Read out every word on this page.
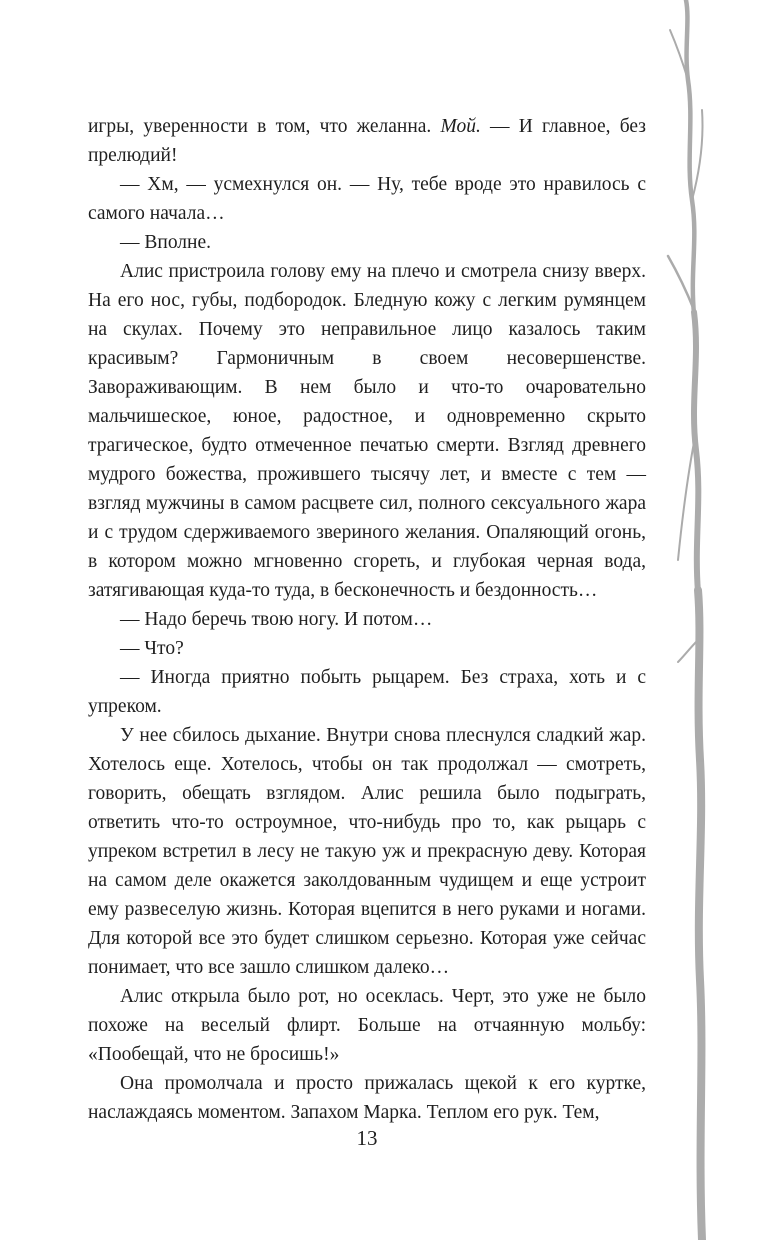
игры, уверенности в том, что желанна. Мой. — И главное, без прелюдий!

— Хм, — усмехнулся он. — Ну, тебе вроде это нравилось с самого начала…

— Вполне.

Алис пристроила голову ему на плечо и смотрела снизу вверх. На его нос, губы, подбородок. Бледную кожу с легким румянцем на скулах. Почему это неправильное лицо казалось таким красивым? Гармоничным в своем несовершенстве. Завораживающим. В нем было и что-то очаровательно мальчишеское, юное, радостное, и одновременно скрыто трагическое, будто отмеченное печатью смерти. Взгляд древнего мудрого божества, прожившего тысячу лет, и вместе с тем — взгляд мужчины в самом расцвете сил, полного сексуального жара и с трудом сдерживаемого звериного желания. Опаляющий огонь, в котором можно мгновенно сгореть, и глубокая черная вода, затягивающая куда-то туда, в бесконечность и бездонность…

— Надо беречь твою ногу. И потом…

— Что?

— Иногда приятно побыть рыцарем. Без страха, хоть и с упреком.

У нее сбилось дыхание. Внутри снова плеснулся сладкий жар. Хотелось еще. Хотелось, чтобы он так продолжал — смотреть, говорить, обещать взглядом. Алис решила было подыграть, ответить что-то остроумное, что-нибудь про то, как рыцарь с упреком встретил в лесу не такую уж и прекрасную деву. Которая на самом деле окажется заколдованным чудищем и еще устроит ему развеселую жизнь. Которая вцепится в него руками и ногами. Для которой все это будет слишком серьезно. Которая уже сейчас понимает, что все зашло слишком далеко…

Алис открыла было рот, но осеклась. Черт, это уже не было похоже на веселый флирт. Больше на отчаянную мольбу: «Пообещай, что не бросишь!»

Она промолчала и просто прижалась щекой к его куртке, наслаждаясь моментом. Запахом Марка. Теплом его рук. Тем,

13
